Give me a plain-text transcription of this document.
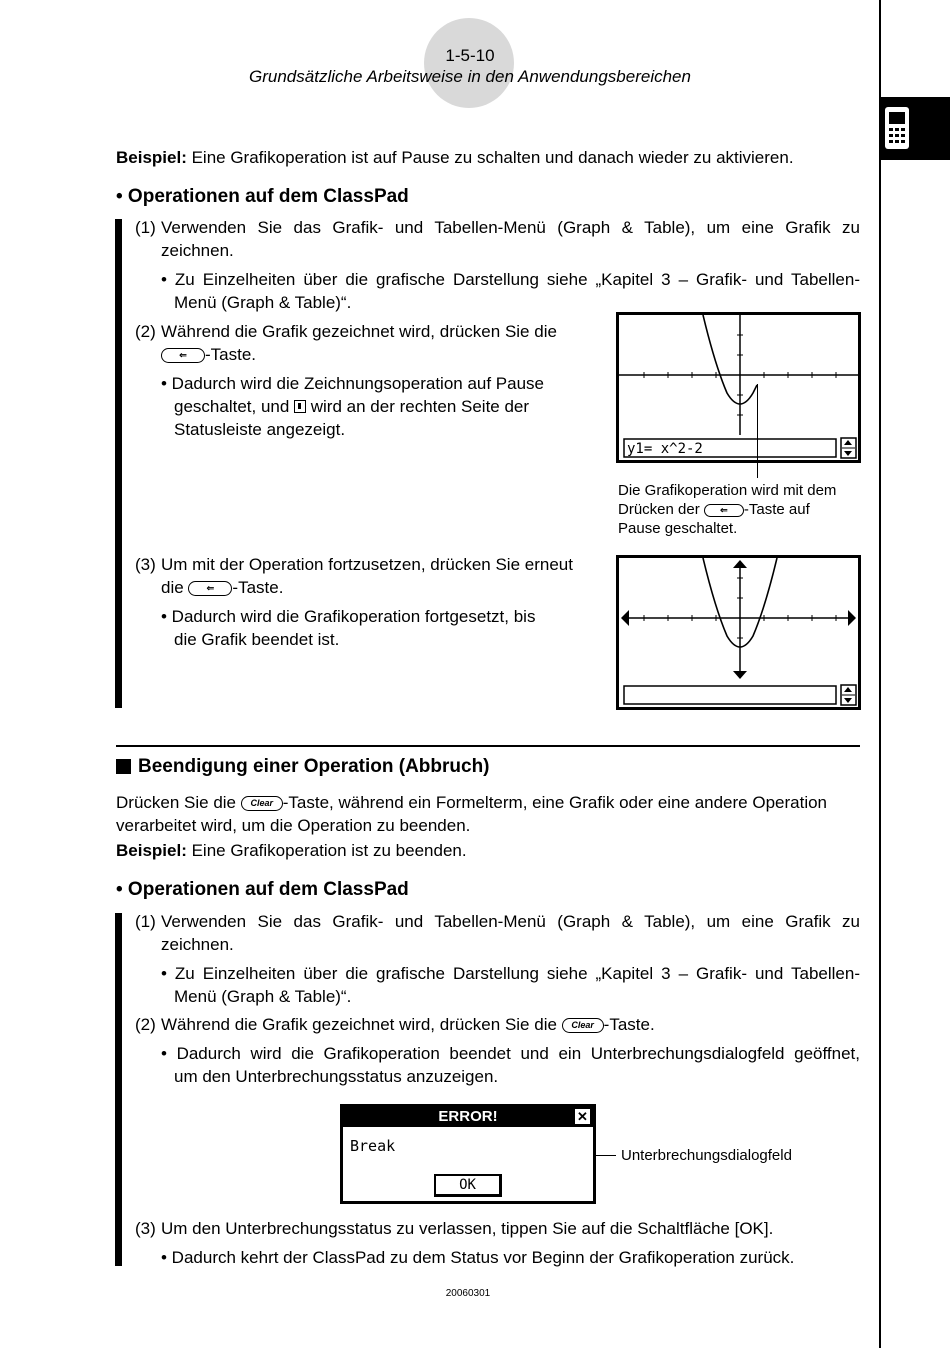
1-5-10
Grundsätzliche Arbeitsweise in den Anwendungsbereichen
Beispiel: Eine Grafikoperation ist auf Pause zu schalten und danach wieder zu aktivieren.
• Operationen auf dem ClassPad
(1) Verwenden Sie das Grafik- und Tabellen-Menü (Graph & Table), um eine Grafik zu
zeichnen.
• Zu Einzelheiten über die grafische Darstellung siehe „Kapitel 3 – Grafik- und Tabellen-
Menü (Graph & Table)“.
(2) Während die Grafik gezeichnet wird, drücken Sie die
⇐ -Taste.
• Dadurch wird die Zeichnungsoperation auf Pause
geschaltet, und  wird an der rechten Seite der
Statusleiste angezeigt.
y1= x^2-2
Die Grafikoperation wird mit dem
Drücken der ⇐ -Taste auf
Pause geschaltet.
(3) Um mit der Operation fortzusetzen, drücken Sie erneut
die ⇐ -Taste.
• Dadurch wird die Grafikoperation fortgesetzt, bis
die Grafik beendet ist.
Beendigung einer Operation (Abbruch)
Drücken Sie die Clear -Taste, während ein Formelterm, eine Grafik oder eine andere Operation
verarbeitet wird, um die Operation zu beenden.
Beispiel: Eine Grafikoperation ist zu beenden.
• Operationen auf dem ClassPad
(1) Verwenden Sie das Grafik- und Tabellen-Menü (Graph & Table), um eine Grafik zu
zeichnen.
• Zu Einzelheiten über die grafische Darstellung siehe „Kapitel 3 – Grafik- und Tabellen-
Menü (Graph & Table)“.
(2) Während die Grafik gezeichnet wird, drücken Sie die Clear -Taste.
• Dadurch wird die Grafikoperation beendet und ein Unterbrechungsdialogfeld geöffnet,
um den Unterbrechungsstatus anzuzeigen.
ERROR!	✕
Break
OK
Unterbrechungsdialogfeld
(3) Um den Unterbrechungsstatus zu verlassen, tippen Sie auf die Schaltfläche [OK].
• Dadurch kehrt der ClassPad zu dem Status vor Beginn der Grafikoperation zurück.
20060301
